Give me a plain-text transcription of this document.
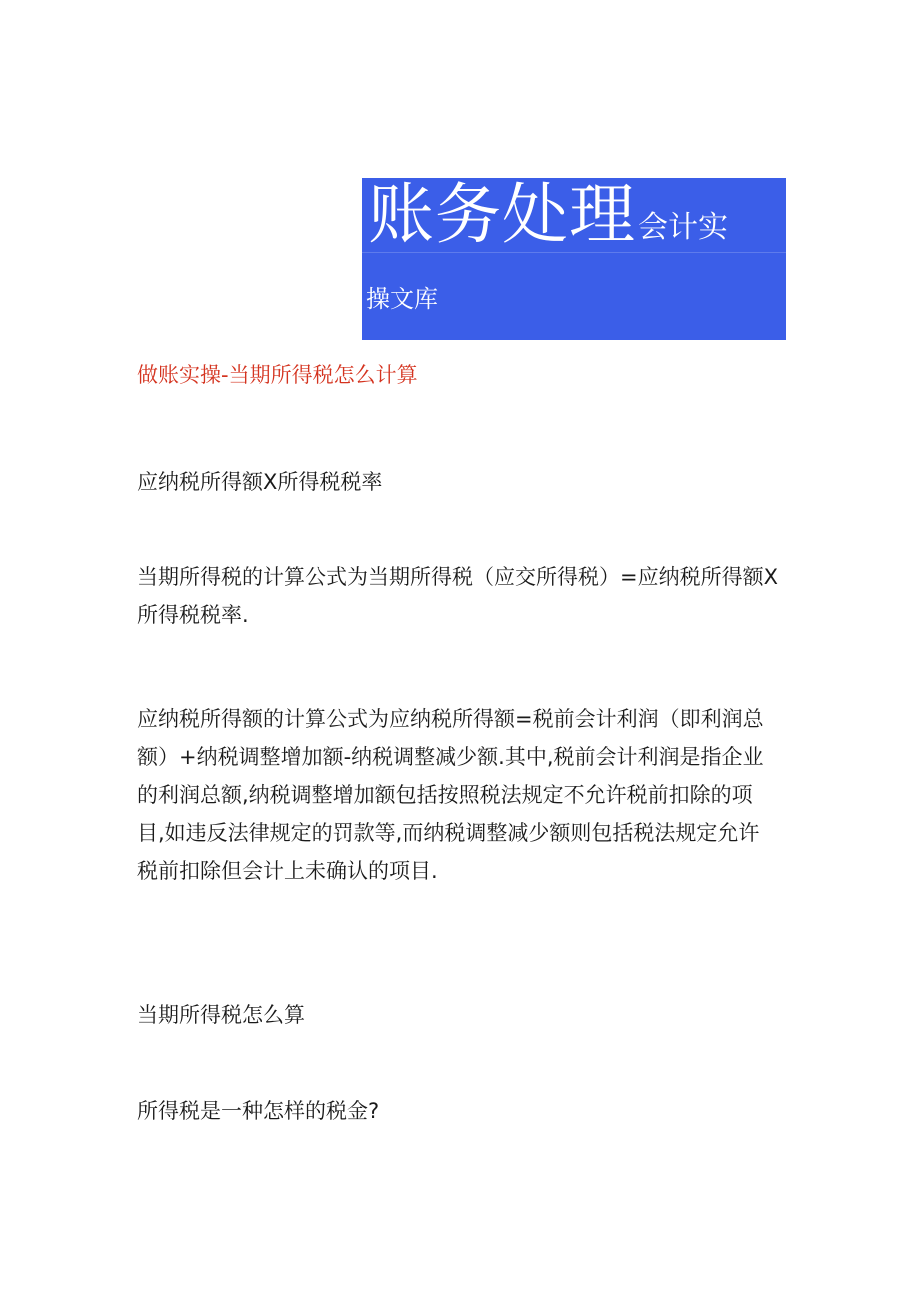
账务处理会计实
操文库
做账实操-当期所得税怎么计算
应纳税所得额X所得税税率
当期所得税的计算公式为当期所得税（应交所得税）=应纳税所得额X
所得税税率.
应纳税所得额的计算公式为应纳税所得额=税前会计利润（即利润总
额）+纳税调整增加额-纳税调整减少额.其中,税前会计利润是指企业
的利润总额,纳税调整增加额包括按照税法规定不允许税前扣除的项
目,如违反法律规定的罚款等,而纳税调整减少额则包括税法规定允许
税前扣除但会计上未确认的项目.
当期所得税怎么算
所得税是一种怎样的税金?
